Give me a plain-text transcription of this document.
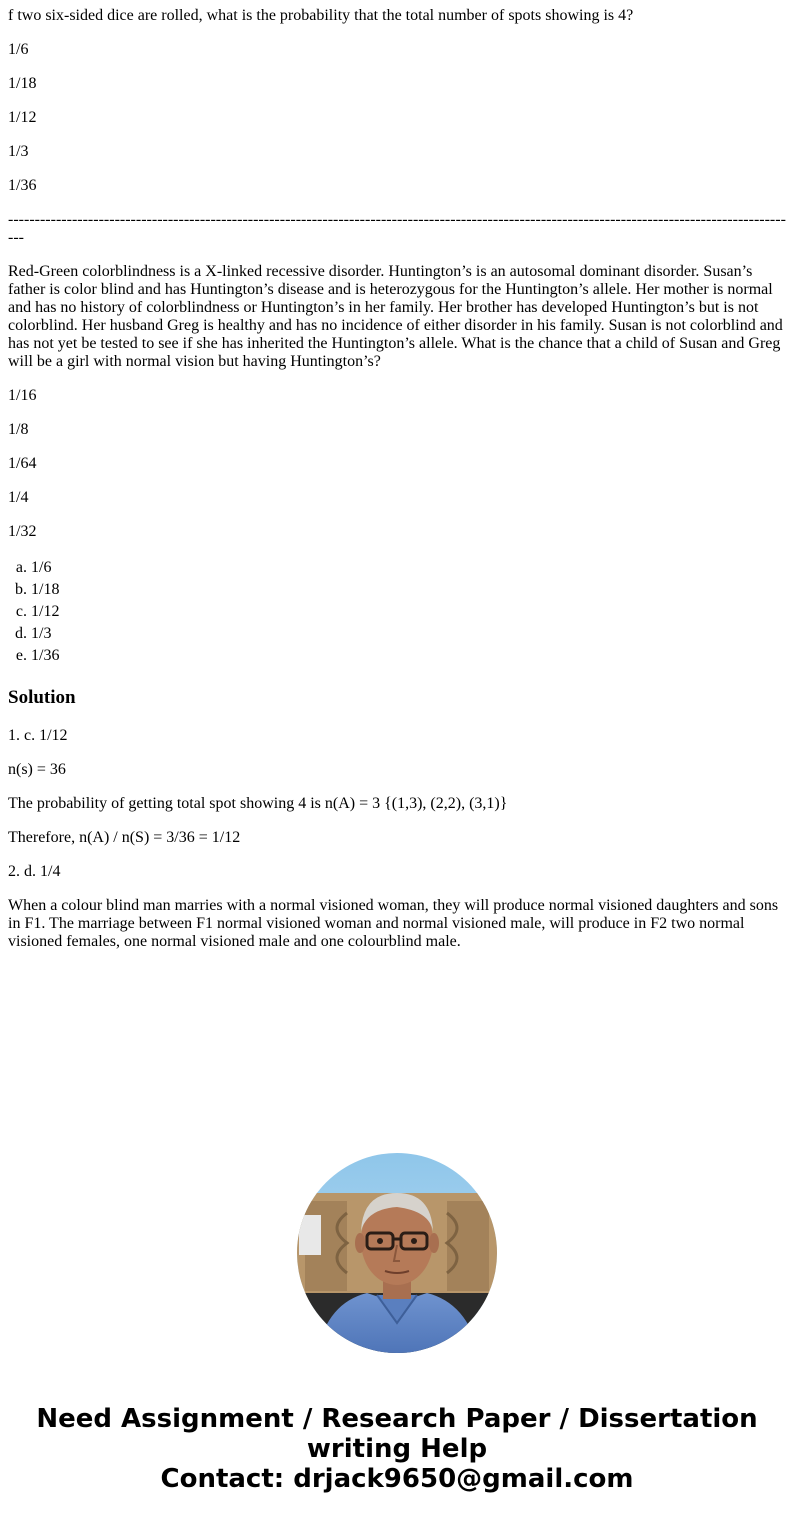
f two six-sided dice are rolled, what is the probability that the total number of spots showing is 4?

1/6

1/18

1/12

1/3

1/36

-----------------------------------------------------------------------------------------------------------------------------------------------------

Red-Green colorblindness is a X-linked recessive disorder. Huntington’s is an autosomal dominant disorder. Susan’s father is color blind and has Huntington’s disease and is heterozygous for the Huntington’s allele. Her mother is normal and has no history of colorblindness or Huntington’s in her family. Her brother has developed Huntington’s but is not colorblind. Her husband Greg is healthy and has no incidence of either disorder in his family. Susan is not colorblind and has not yet be tested to see if she has inherited the Huntington’s allele. What is the chance that a child of Susan and Greg will be a girl with normal vision but having Huntington’s?

1/16

1/8

1/64

1/4

1/32

a. 1/6
b. 1/18
c. 1/12
d. 1/3
e. 1/36
Solution

1. c. 1/12

n(s) = 36

The probability of getting total spot showing 4 is n(A) = 3 {(1,3), (2,2), (3,1)}

Therefore, n(A) / n(S) = 3/36 = 1/12

2. d. 1/4

When a colour blind man marries with a normal visioned woman, they will produce normal visioned daughters and sons in F1. The marriage between F1 normal visioned woman and normal visioned male, will produce in F2 two normal visioned females, one normal visioned male and one colourblind male.

Need Assignment / Research Paper / Dissertation
writing Help
Contact: drjack9650@gmail.com
